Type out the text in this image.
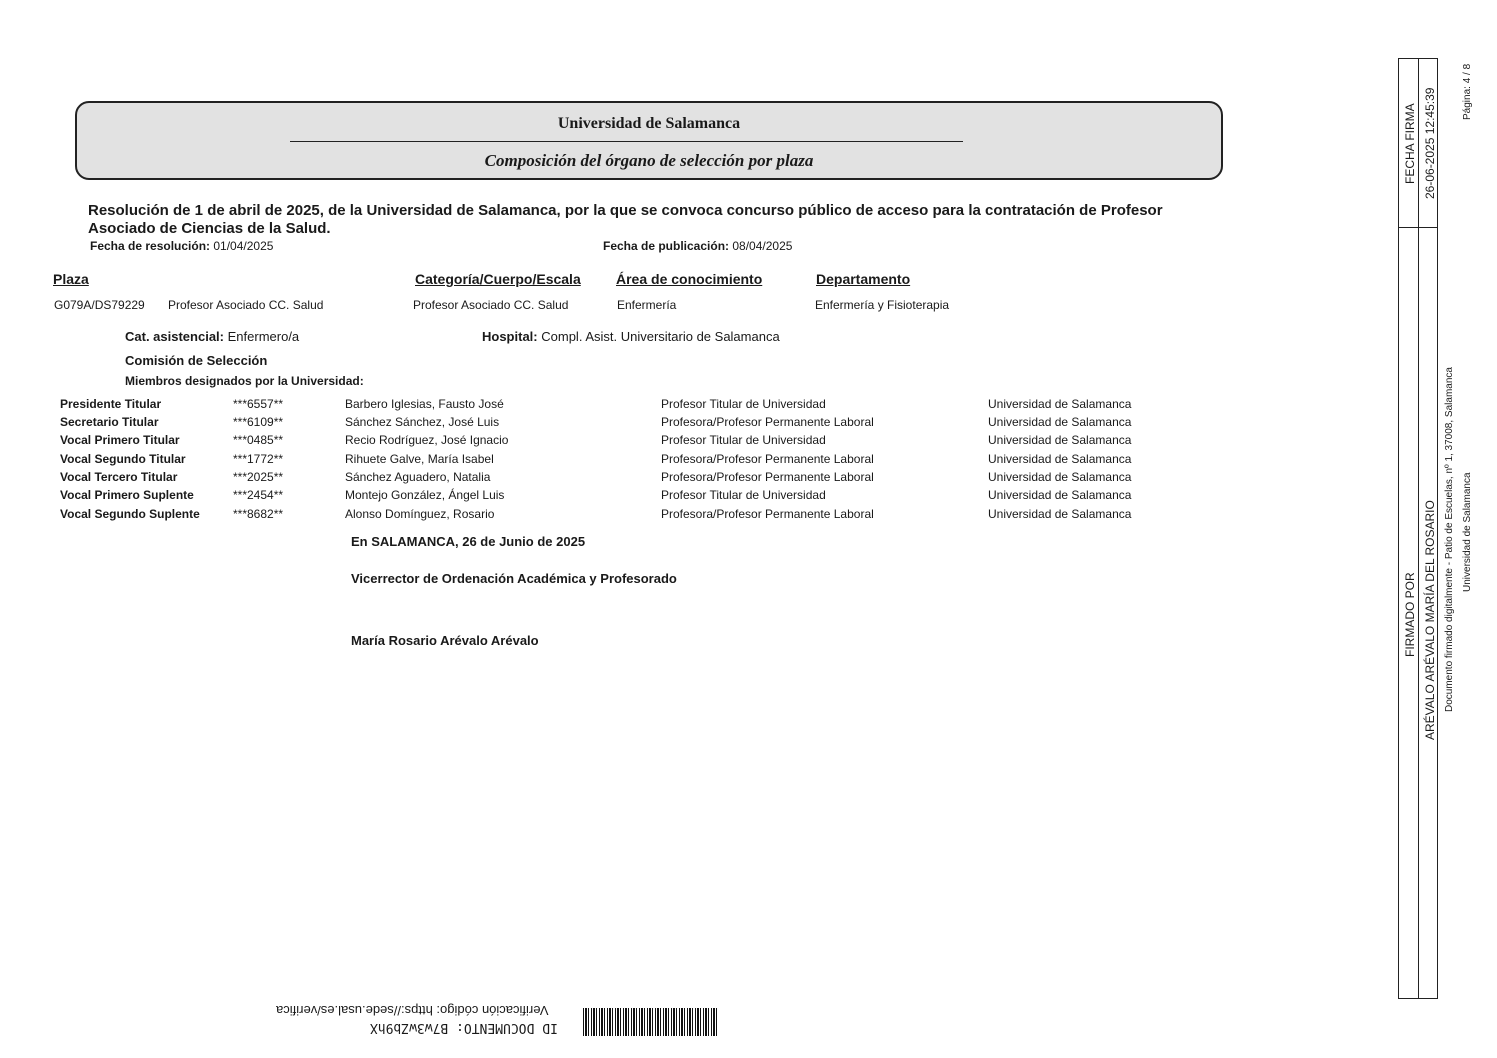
Universidad de Salamanca
Composición del órgano de selección por plaza
Resolución de 1 de abril de 2025, de la Universidad de Salamanca, por la que se convoca concurso público de acceso para la contratación de Profesor Asociado de Ciencias de la Salud.
Fecha de resolución: 01/04/2025	Fecha de publicación: 08/04/2025
Plaza	Categoría/Cuerpo/Escala	Área de conocimiento	Departamento
G079A/DS79229 Profesor Asociado CC. Salud	Profesor Asociado CC. Salud	Enfermería	Enfermería y Fisioterapia
Cat. asistencial: Enfermero/a	Hospital: Compl. Asist. Universitario de Salamanca
Comisión de Selección
Miembros designados por la Universidad:
Presidente Titular	***6557**	Barbero Iglesias, Fausto José	Profesor Titular de Universidad	Universidad de Salamanca
Secretario Titular	***6109**	Sánchez Sánchez, José Luis	Profesora/Profesor Permanente Laboral	Universidad de Salamanca
Vocal Primero Titular	***0485**	Recio Rodríguez, José Ignacio	Profesor Titular de Universidad	Universidad de Salamanca
Vocal Segundo Titular	***1772**	Rihuete Galve, María Isabel	Profesora/Profesor Permanente Laboral	Universidad de Salamanca
Vocal Tercero Titular	***2025**	Sánchez Aguadero, Natalia	Profesora/Profesor Permanente Laboral	Universidad de Salamanca
Vocal Primero Suplente	***2454**	Montejo González, Ángel Luis	Profesor Titular de Universidad	Universidad de Salamanca
Vocal Segundo Suplente	***8682**	Alonso Domínguez, Rosario	Profesora/Profesor Permanente Laboral	Universidad de Salamanca
En SALAMANCA, 26 de Junio de 2025
Vicerrector de Ordenación Académica y Profesorado
María Rosario Arévalo Arévalo
FECHA FIRMA 26-06-2025 12:45:39
FIRMADO POR ARÉVALO ARÉVALO MARÍA DEL ROSARIO Documento firmado digitalmente - Patio de Escuelas, nº 1, 37008, Salamanca Universidad de Salamanca
Página: 4 / 8
Verificación código: https://sede.usal.es/verifica
ID DOCUMENTO: B7w3wZb9hX
